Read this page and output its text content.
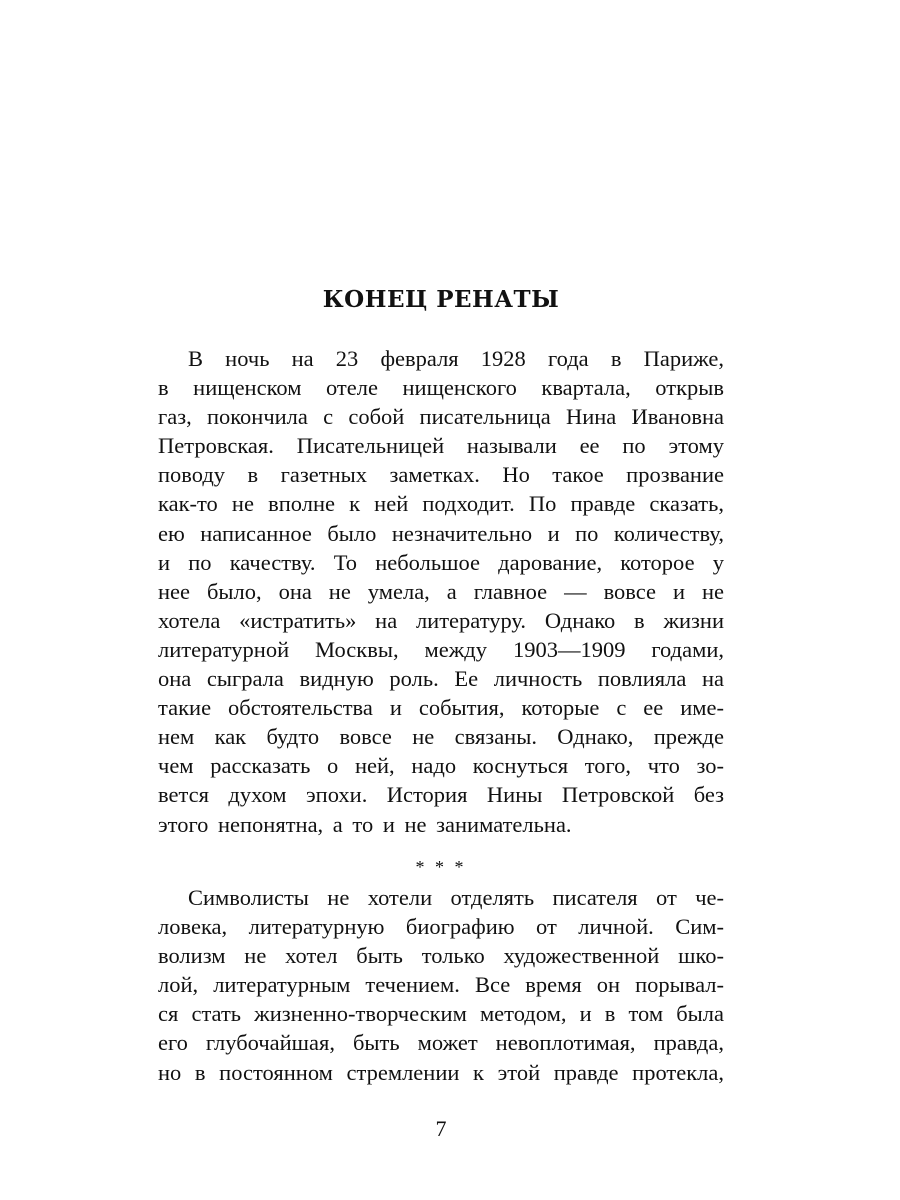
КОНЕЦ РЕНАТЫ
В ночь на 23 февраля 1928 года в Париже,
в нищенском отеле нищенского квартала, открыв
газ, покончила с собой писательница Нина Ивановна
Петровская. Писательницей называли ее по этому
поводу в газетных заметках. Но такое прозвание
как-то не вполне к ней подходит. По правде сказать,
ею написанное было незначительно и по количеству,
и по качеству. То небольшое дарование, которое у
нее было, она не умела, а главное — вовсе и не
хотела «истратить» на литературу. Однако в жизни
литературной Москвы, между 1903—1909 годами,
она сыграла видную роль. Ее личность повлияла на
такие обстоятельства и события, которые с ее име-
нем как будто вовсе не связаны. Однако, прежде
чем рассказать о ней, надо коснуться того, что зо-
вется духом эпохи. История Нины Петровской без
этого непонятна, а то и не занимательна.
* * *
Символисты не хотели отделять писателя от че-
ловека, литературную биографию от личной. Сим-
волизм не хотел быть только художественной шко-
лой, литературным течением. Все время он порывал-
ся стать жизненно-творческим методом, и в том была
его глубочайшая, быть может невоплотимая, правда,
но в постоянном стремлении к этой правде протекла,
7
